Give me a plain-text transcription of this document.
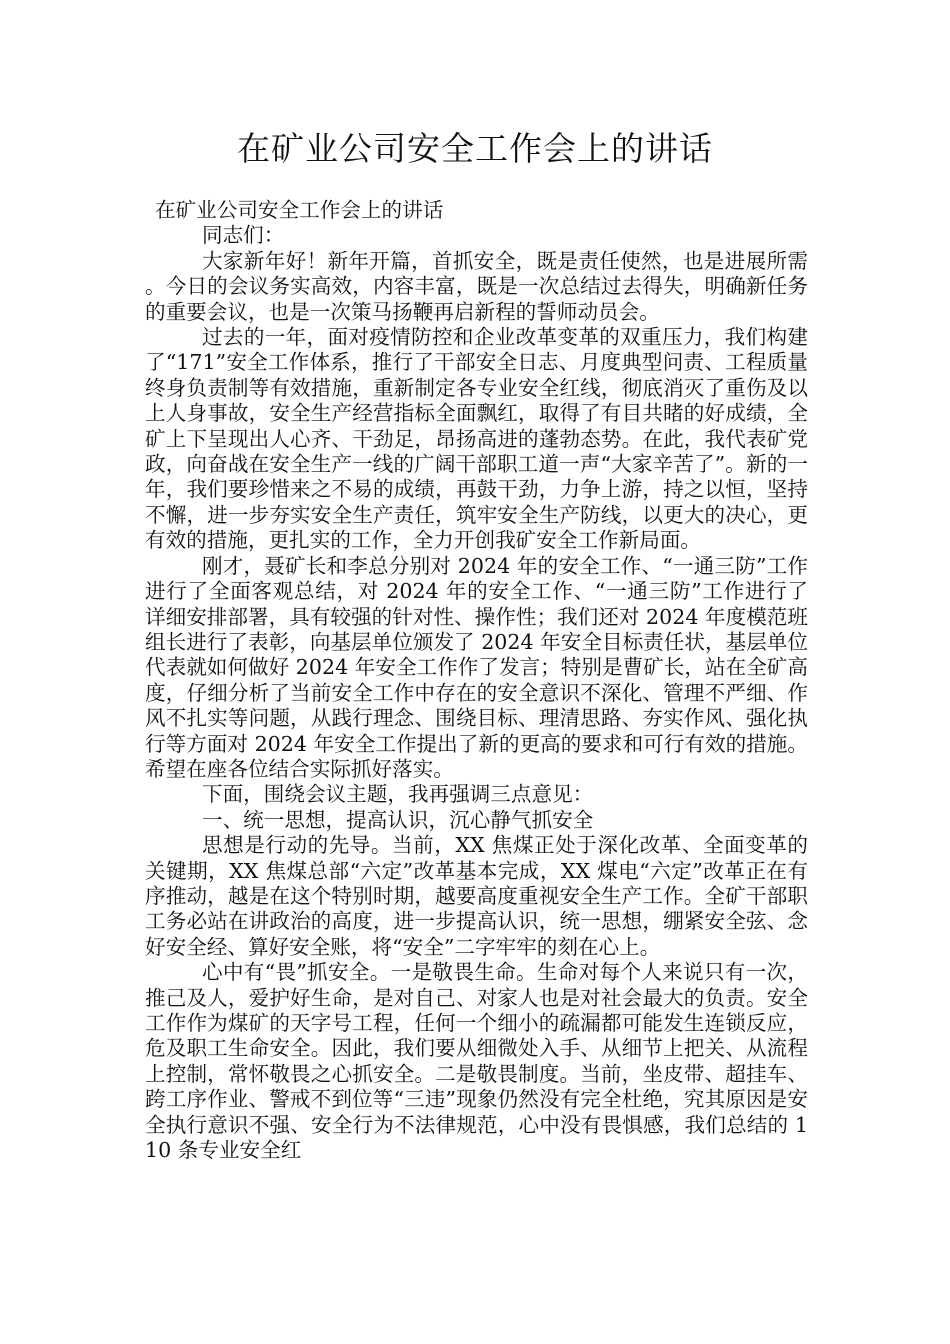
在矿业公司安全工作会上的讲话

在矿业公司安全工作会上的讲话

同志们：

大家新年好！新年开篇，首抓安全，既是责任使然，也是进展所需。今日的会议务实高效，内容丰富，既是一次总结过去得失，明确新任务的重要会议，也是一次策马扬鞭再启新程的誓师动员会。

过去的一年，面对疫情防控和企业改革变革的双重压力，我们构建了“171”安全工作体系，推行了干部安全日志、月度典型问责、工程质量终身负责制等有效措施，重新制定各专业安全红线，彻底消灭了重伤及以上人身事故，安全生产经营指标全面飘红，取得了有目共睹的好成绩，全矿上下呈现出人心齐、干劲足，昂扬高进的蓬勃态势。在此，我代表矿党政，向奋战在安全生产一线的广阔干部职工道一声“大家辛苦了”。新的一年，我们要珍惜来之不易的成绩，再鼓干劲，力争上游，持之以恒，坚持不懈，进一步夯实安全生产责任，筑牢安全生产防线，以更大的决心，更有效的措施，更扎实的工作，全力开创我矿安全工作新局面。

刚才，聂矿长和李总分别对 2024 年的安全工作、“一通三防”工作进行了全面客观总结，对 2024 年的安全工作、“一通三防”工作进行了详细安排部署，具有较强的针对性、操作性；我们还对 2024 年度模范班组长进行了表彰，向基层单位颁发了 2024 年安全目标责任状，基层单位代表就如何做好 2024 年安全工作作了发言；特别是曹矿长，站在全矿高度，仔细分析了当前安全工作中存在的安全意识不深化、管理不严细、作风不扎实等问题，从践行理念、围绕目标、理清思路、夯实作风、强化执行等方面对 2024 年安全工作提出了新的更高的要求和可行有效的措施。希望在座各位结合实际抓好落实。

下面，围绕会议主题，我再强调三点意见：

一、统一思想，提高认识，沉心静气抓安全

思想是行动的先导。当前，XX 焦煤正处于深化改革、全面变革的关键期，XX 焦煤总部“六定”改革基本完成，XX 煤电“六定”改革正在有序推动，越是在这个特别时期，越要高度重视安全生产工作。全矿干部职工务必站在讲政治的高度，进一步提高认识，统一思想，绷紧安全弦、念好安全经、算好安全账，将“安全”二字牢牢的刻在心上。

心中有“畏”抓安全。一是敬畏生命。生命对每个人来说只有一次，推己及人，爱护好生命，是对自己、对家人也是对社会最大的负责。安全工作作为煤矿的天字号工程，任何一个细小的疏漏都可能发生连锁反应，危及职工生命安全。因此，我们要从细微处入手、从细节上把关、从流程上控制，常怀敬畏之心抓安全。二是敬畏制度。当前，坐皮带、超挂车、跨工序作业、警戒不到位等“三违”现象仍然没有完全杜绝，究其原因是安全执行意识不强、安全行为不法律规范，心中没有畏惧感，我们总结的 110 条专业安全红
